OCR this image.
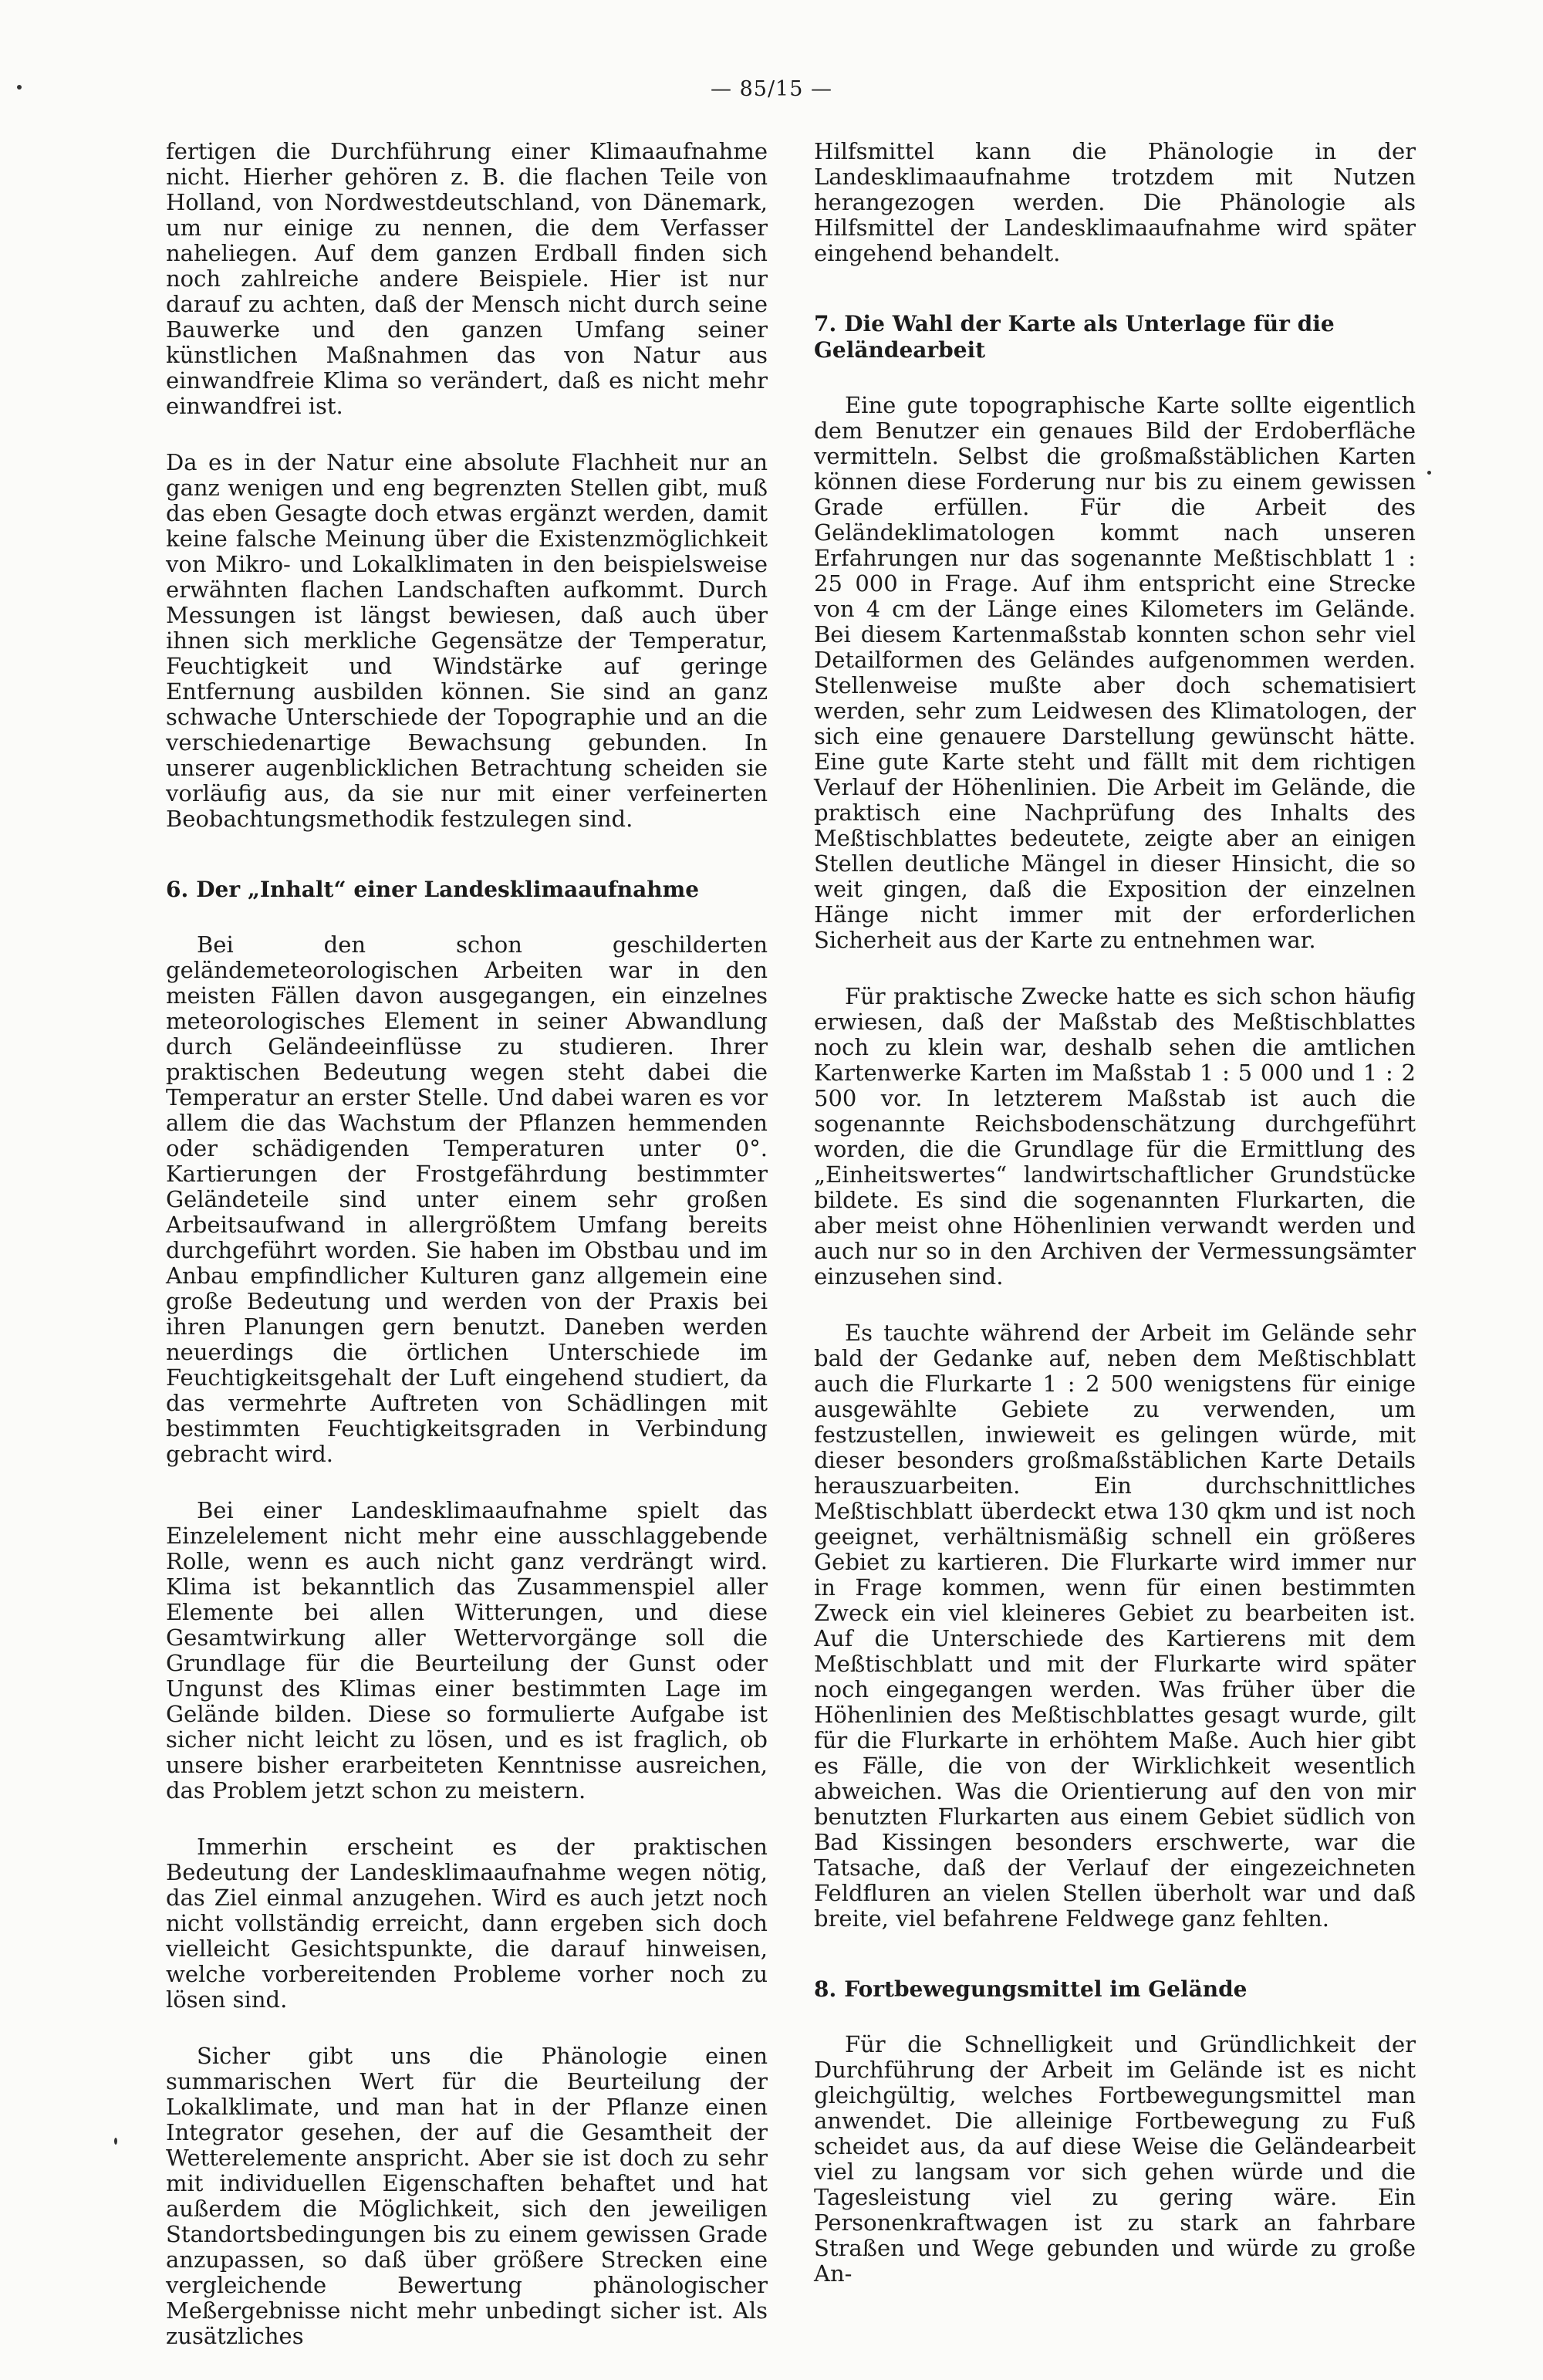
— 85/15 —

fertigen die Durchführung einer Klimaaufnahme nicht. Hierher gehören z. B. die flachen Teile von Holland, von Nordwestdeutschland, von Dänemark, um nur einige zu nennen, die dem Verfasser naheliegen. Auf dem ganzen Erdball finden sich noch zahlreiche andere Beispiele. Hier ist nur darauf zu achten, daß der Mensch nicht durch seine Bauwerke und den ganzen Umfang seiner künstlichen Maßnahmen das von Natur aus einwandfreie Klima so verändert, daß es nicht mehr einwandfrei ist.

Da es in der Natur eine absolute Flachheit nur an ganz wenigen und eng begrenzten Stellen gibt, muß das eben Gesagte doch etwas ergänzt werden, damit keine falsche Meinung über die Existenzmöglichkeit von Mikro- und Lokalklimaten in den beispielsweise erwähnten flachen Landschaften aufkommt. Durch Messungen ist längst bewiesen, daß auch über ihnen sich merkliche Gegensätze der Temperatur, Feuchtigkeit und Windstärke auf geringe Entfernung ausbilden können. Sie sind an ganz schwache Unterschiede der Topographie und an die verschiedenartige Bewachsung gebunden. In unserer augenblicklichen Betrachtung scheiden sie vorläufig aus, da sie nur mit einer verfeinerten Beobachtungsmethodik festzulegen sind.

6. Der „Inhalt“ einer Landesklimaaufnahme

Bei den schon geschilderten geländemeteorologischen Arbeiten war in den meisten Fällen davon ausgegangen, ein einzelnes meteorologisches Element in seiner Abwandlung durch Geländeeinflüsse zu studieren. Ihrer praktischen Bedeutung wegen steht dabei die Temperatur an erster Stelle. Und dabei waren es vor allem die das Wachstum der Pflanzen hemmenden oder schädigenden Temperaturen unter 0°. Kartierungen der Frostgefährdung bestimmter Geländeteile sind unter einem sehr großen Arbeitsaufwand in allergrößtem Umfang bereits durchgeführt worden. Sie haben im Obstbau und im Anbau empfindlicher Kulturen ganz allgemein eine große Bedeutung und werden von der Praxis bei ihren Planungen gern benutzt. Daneben werden neuerdings die örtlichen Unterschiede im Feuchtigkeitsgehalt der Luft eingehend studiert, da das vermehrte Auftreten von Schädlingen mit bestimmten Feuchtigkeitsgraden in Verbindung gebracht wird.

Bei einer Landesklimaaufnahme spielt das Einzelelement nicht mehr eine ausschlaggebende Rolle, wenn es auch nicht ganz verdrängt wird. Klima ist bekanntlich das Zusammenspiel aller Elemente bei allen Witterungen, und diese Gesamtwirkung aller Wettervorgänge soll die Grundlage für die Beurteilung der Gunst oder Ungunst des Klimas einer bestimmten Lage im Gelände bilden. Diese so formulierte Aufgabe ist sicher nicht leicht zu lösen, und es ist fraglich, ob unsere bisher erarbeiteten Kenntnisse ausreichen, das Problem jetzt schon zu meistern.

Immerhin erscheint es der praktischen Bedeutung der Landesklimaaufnahme wegen nötig, das Ziel einmal anzugehen. Wird es auch jetzt noch nicht vollständig erreicht, dann ergeben sich doch vielleicht Gesichtspunkte, die darauf hinweisen, welche vorbereitenden Probleme vorher noch zu lösen sind.

Sicher gibt uns die Phänologie einen summarischen Wert für die Beurteilung der Lokalklimate, und man hat in der Pflanze einen Integrator gesehen, der auf die Gesamtheit der Wetterelemente anspricht. Aber sie ist doch zu sehr mit individuellen Eigenschaften behaftet und hat außerdem die Möglichkeit, sich den jeweiligen Standortsbedingungen bis zu einem gewissen Grade anzupassen, so daß über größere Strecken eine vergleichende Bewertung phänologischer Meßergebnisse nicht mehr unbedingt sicher ist. Als zusätzliches

Hilfsmittel kann die Phänologie in der Landesklimaaufnahme trotzdem mit Nutzen herangezogen werden. Die Phänologie als Hilfsmittel der Landesklimaaufnahme wird später eingehend behandelt.

7. Die Wahl der Karte als Unterlage für die Geländearbeit

Eine gute topographische Karte sollte eigentlich dem Benutzer ein genaues Bild der Erdoberfläche vermitteln. Selbst die großmaßstäblichen Karten können diese Forderung nur bis zu einem gewissen Grade erfüllen. Für die Arbeit des Geländeklimatologen kommt nach unseren Erfahrungen nur das sogenannte Meßtischblatt 1 : 25 000 in Frage. Auf ihm entspricht eine Strecke von 4 cm der Länge eines Kilometers im Gelände. Bei diesem Kartenmaßstab konnten schon sehr viel Detailformen des Geländes aufgenommen werden. Stellenweise mußte aber doch schematisiert werden, sehr zum Leidwesen des Klimatologen, der sich eine genauere Darstellung gewünscht hätte. Eine gute Karte steht und fällt mit dem richtigen Verlauf der Höhenlinien. Die Arbeit im Gelände, die praktisch eine Nachprüfung des Inhalts des Meßtischblattes bedeutete, zeigte aber an einigen Stellen deutliche Mängel in dieser Hinsicht, die so weit gingen, daß die Exposition der einzelnen Hänge nicht immer mit der erforderlichen Sicherheit aus der Karte zu entnehmen war.

Für praktische Zwecke hatte es sich schon häufig erwiesen, daß der Maßstab des Meßtischblattes noch zu klein war, deshalb sehen die amtlichen Kartenwerke Karten im Maßstab 1 : 5 000 und 1 : 2 500 vor. In letzterem Maßstab ist auch die sogenannte Reichsbodenschätzung durchgeführt worden, die die Grundlage für die Ermittlung des „Einheitswertes“ landwirtschaftlicher Grundstücke bildete. Es sind die sogenannten Flurkarten, die aber meist ohne Höhenlinien verwandt werden und auch nur so in den Archiven der Vermessungsämter einzusehen sind.

Es tauchte während der Arbeit im Gelände sehr bald der Gedanke auf, neben dem Meßtischblatt auch die Flurkarte 1 : 2 500 wenigstens für einige ausgewählte Gebiete zu verwenden, um festzustellen, inwieweit es gelingen würde, mit dieser besonders großmaßstäblichen Karte Details herauszuarbeiten. Ein durchschnittliches Meßtischblatt überdeckt etwa 130 qkm und ist noch geeignet, verhältnismäßig schnell ein größeres Gebiet zu kartieren. Die Flurkarte wird immer nur in Frage kommen, wenn für einen bestimmten Zweck ein viel kleineres Gebiet zu bearbeiten ist. Auf die Unterschiede des Kartierens mit dem Meßtischblatt und mit der Flurkarte wird später noch eingegangen werden. Was früher über die Höhenlinien des Meßtischblattes gesagt wurde, gilt für die Flurkarte in erhöhtem Maße. Auch hier gibt es Fälle, die von der Wirklichkeit wesentlich abweichen. Was die Orientierung auf den von mir benutzten Flurkarten aus einem Gebiet südlich von Bad Kissingen besonders erschwerte, war die Tatsache, daß der Verlauf der eingezeichneten Feldfluren an vielen Stellen überholt war und daß breite, viel befahrene Feldwege ganz fehlten.

8. Fortbewegungsmittel im Gelände

Für die Schnelligkeit und Gründlichkeit der Durchführung der Arbeit im Gelände ist es nicht gleichgültig, welches Fortbewegungsmittel man anwendet. Die alleinige Fortbewegung zu Fuß scheidet aus, da auf diese Weise die Geländearbeit viel zu langsam vor sich gehen würde und die Tagesleistung viel zu gering wäre. Ein Personenkraftwagen ist zu stark an fahrbare Straßen und Wege gebunden und würde zu große An-
